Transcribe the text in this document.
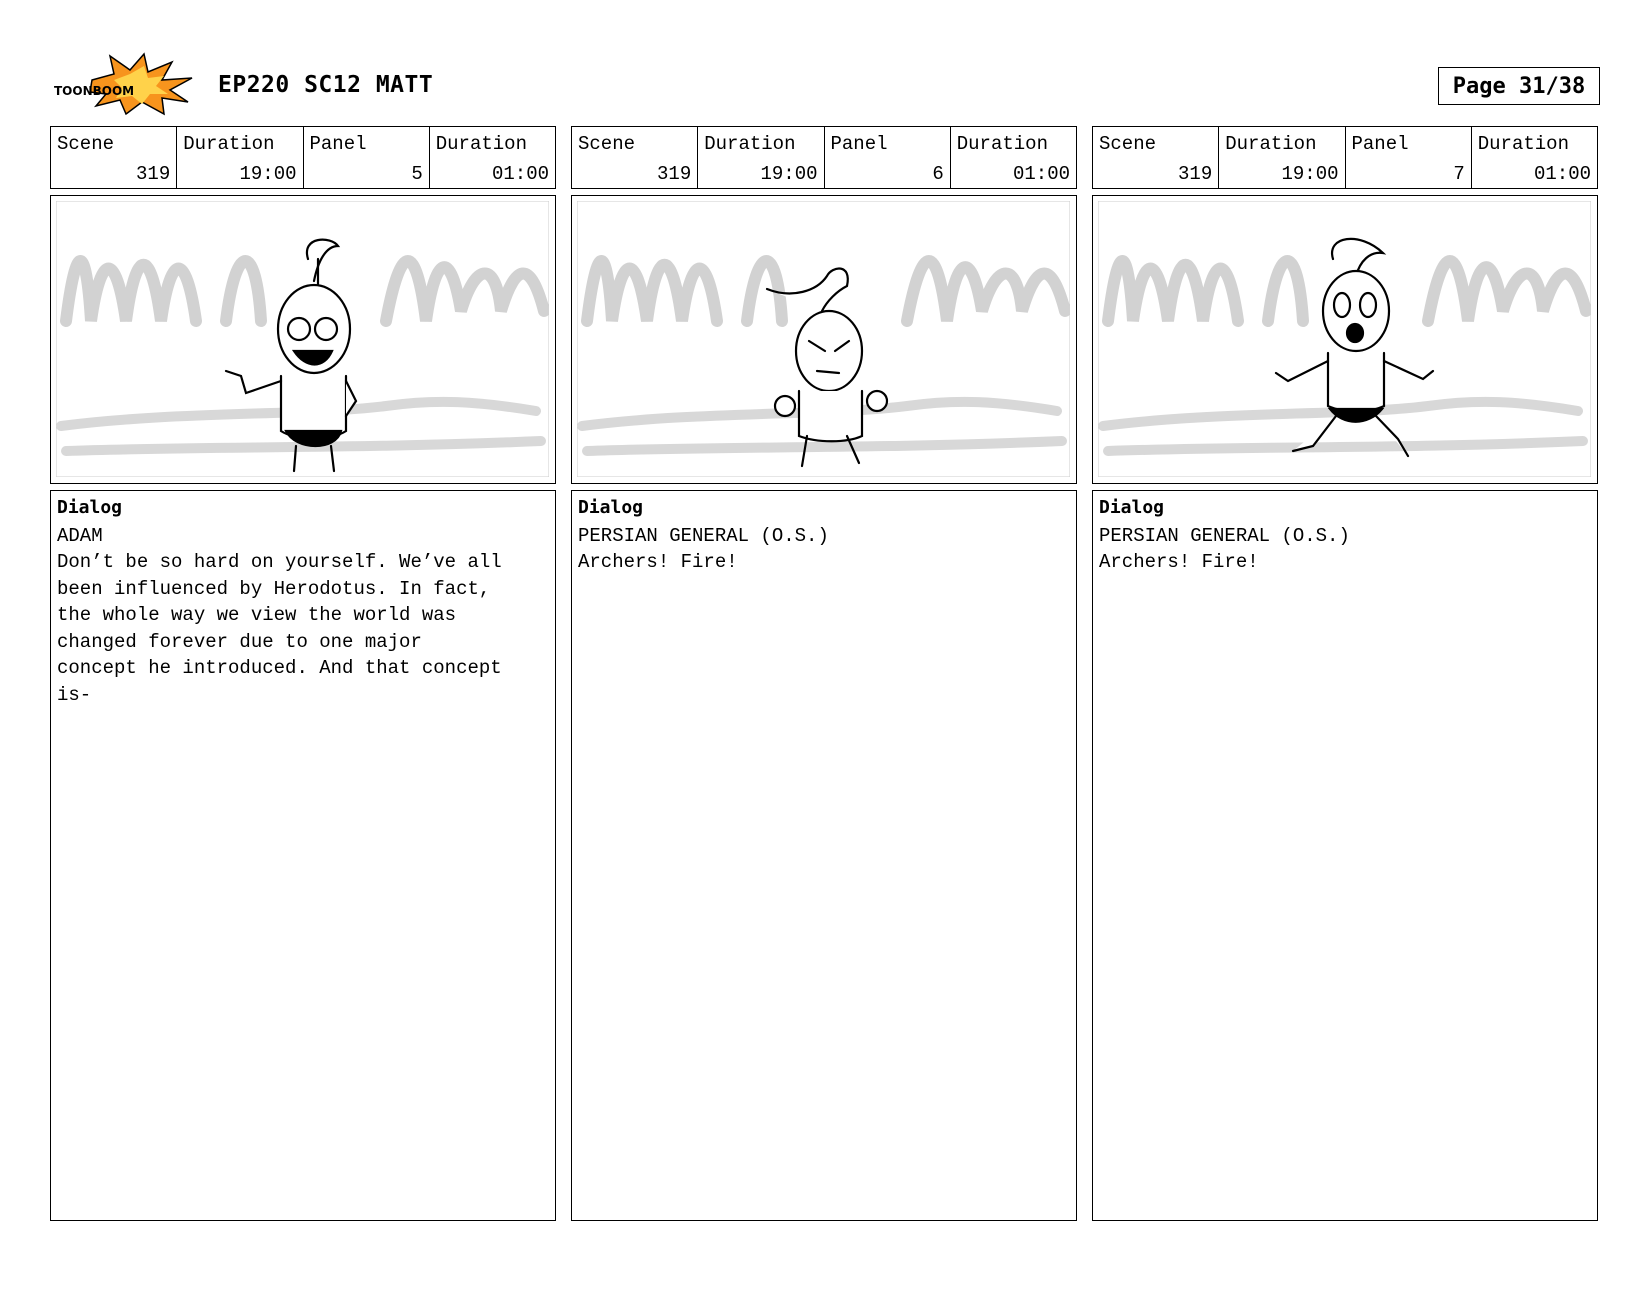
TOONBOOM	EP220 SC12 MATT	Page 31/38
Scene
319
Duration
19:00
Panel
5
Duration
01:00
Dialog
ADAM
Don’t be so hard on yourself. We’ve all
been influenced by Herodotus. In fact,
the whole way we view the world was
changed forever due to one major
concept he introduced. And that concept
is-
Scene
319
Duration
19:00
Panel
6
Duration
01:00
Dialog
PERSIAN GENERAL (O.S.)
Archers! Fire!
Scene
319
Duration
19:00
Panel
7
Duration
01:00
Dialog
PERSIAN GENERAL (O.S.)
Archers! Fire!
